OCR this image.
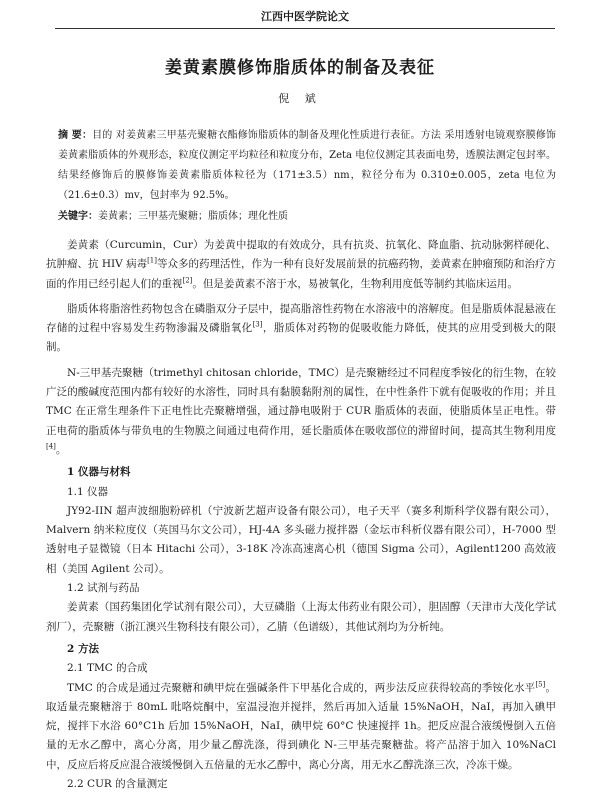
江西中医学院论文
姜黄素膜修饰脂质体的制备及表征
倪 斌
摘 要：目的 对姜黄素三甲基壳聚糖衣酯修饰脂质体的制备及理化性质进行表征。方法 采用透射电镜观察膜修饰姜黄素脂质体的外观形态，粒度仪测定平均粒径和粒度分布，Zeta 电位仪测定其表面电势，透膜法测定包封率。结果经修饰后的膜修饰姜黄素脂质体粒径为（171±3.5）nm，粒径分布为 0.310±0.005，zeta 电位为（21.6±0.3）mv，包封率为 92.5%。
关键字：姜黄素；三甲基壳聚糖；脂质体；理化性质

姜黄素（Curcumin，Cur）为姜黄中提取的有效成分，具有抗炎、抗氧化、降血脂、抗动脉粥样硬化、抗肿瘤、抗 HIV 病毒[1]等众多的药理活性，作为一种有良好发展前景的抗癌药物，姜黄素在肿瘤预防和治疗方面的作用已经引起人们的重视[2]。但是姜黄素不溶于水，易被氧化，生物利用度低等制约其临床运用。

脂质体将脂溶性药物包含在磷脂双分子层中，提高脂溶性药物在水溶液中的溶解度。但是脂质体混悬液在存储的过程中容易发生药物渗漏及磷脂氧化[3]，脂质体对药物的促吸收能力降低，使其的应用受到极大的限制。

N-三甲基壳聚糖（trimethyl chitosan chloride，TMC）是壳聚糖经过不同程度季铵化的衍生物，在较广泛的酸碱度范围内都有较好的水溶性，同时具有黏膜黏附剂的属性，在中性条件下就有促吸收的作用；并且 TMC 在正常生理条件下正电性比壳聚糖增强，通过静电吸附于 CUR 脂质体的表面，使脂质体呈正电性。带正电荷的脂质体与带负电的生物膜之间通过电荷作用，延长脂质体在吸收部位的滞留时间，提高其生物利用度[4]。

1 仪器与材料
1.1 仪器

JY92-IIN 超声波细胞粉碎机（宁波新艺超声设备有限公司），电子天平（赛多利斯科学仪器有限公司），Malvern 纳米粒度仪（英国马尔文公司），HJ-4A 多头磁力搅拌器（金坛市科析仪器有限公司），H-7000 型透射电子显微镜（日本 Hitachi 公司），3-18K 冷冻高速离心机（德国 Sigma 公司），Agilent1200 高效液相（美国 Agilent 公司）。

1.2 试剂与药品

姜黄素（国药集团化学试剂有限公司），大豆磷脂（上海太伟药业有限公司），胆固醇（天津市大茂化学试剂厂），壳聚糖（浙江澳兴生物科技有限公司），乙腈（色谱级），其他试剂均为分析纯。

2 方法
2.1 TMC 的合成

TMC 的合成是通过壳聚糖和碘甲烷在强碱条件下甲基化合成的，两步法反应获得较高的季铵化水平[5]。取适量壳聚糖溶于 80mL 吡咯烷酮中，室温浸泡并搅拌，然后再加入适量 15%NaOH，NaI，再加入碘甲烷，搅拌下水浴 60°C1h 后加 15%NaOH，NaI，碘甲烷 60°C 快速搅拌 1h。把反应混合液缓慢倒入五倍量的无水乙醇中，离心分离，用少量乙醇洗涤，得到碘化 N-三甲基壳聚糖盐。将产品溶于加入 10%NaCl 中，反应后将反应混合液缓慢倒入五倍量的无水乙醇中，离心分离，用无水乙醇洗涤三次，冷冻干燥。

2.2 CUR 的含量测定
